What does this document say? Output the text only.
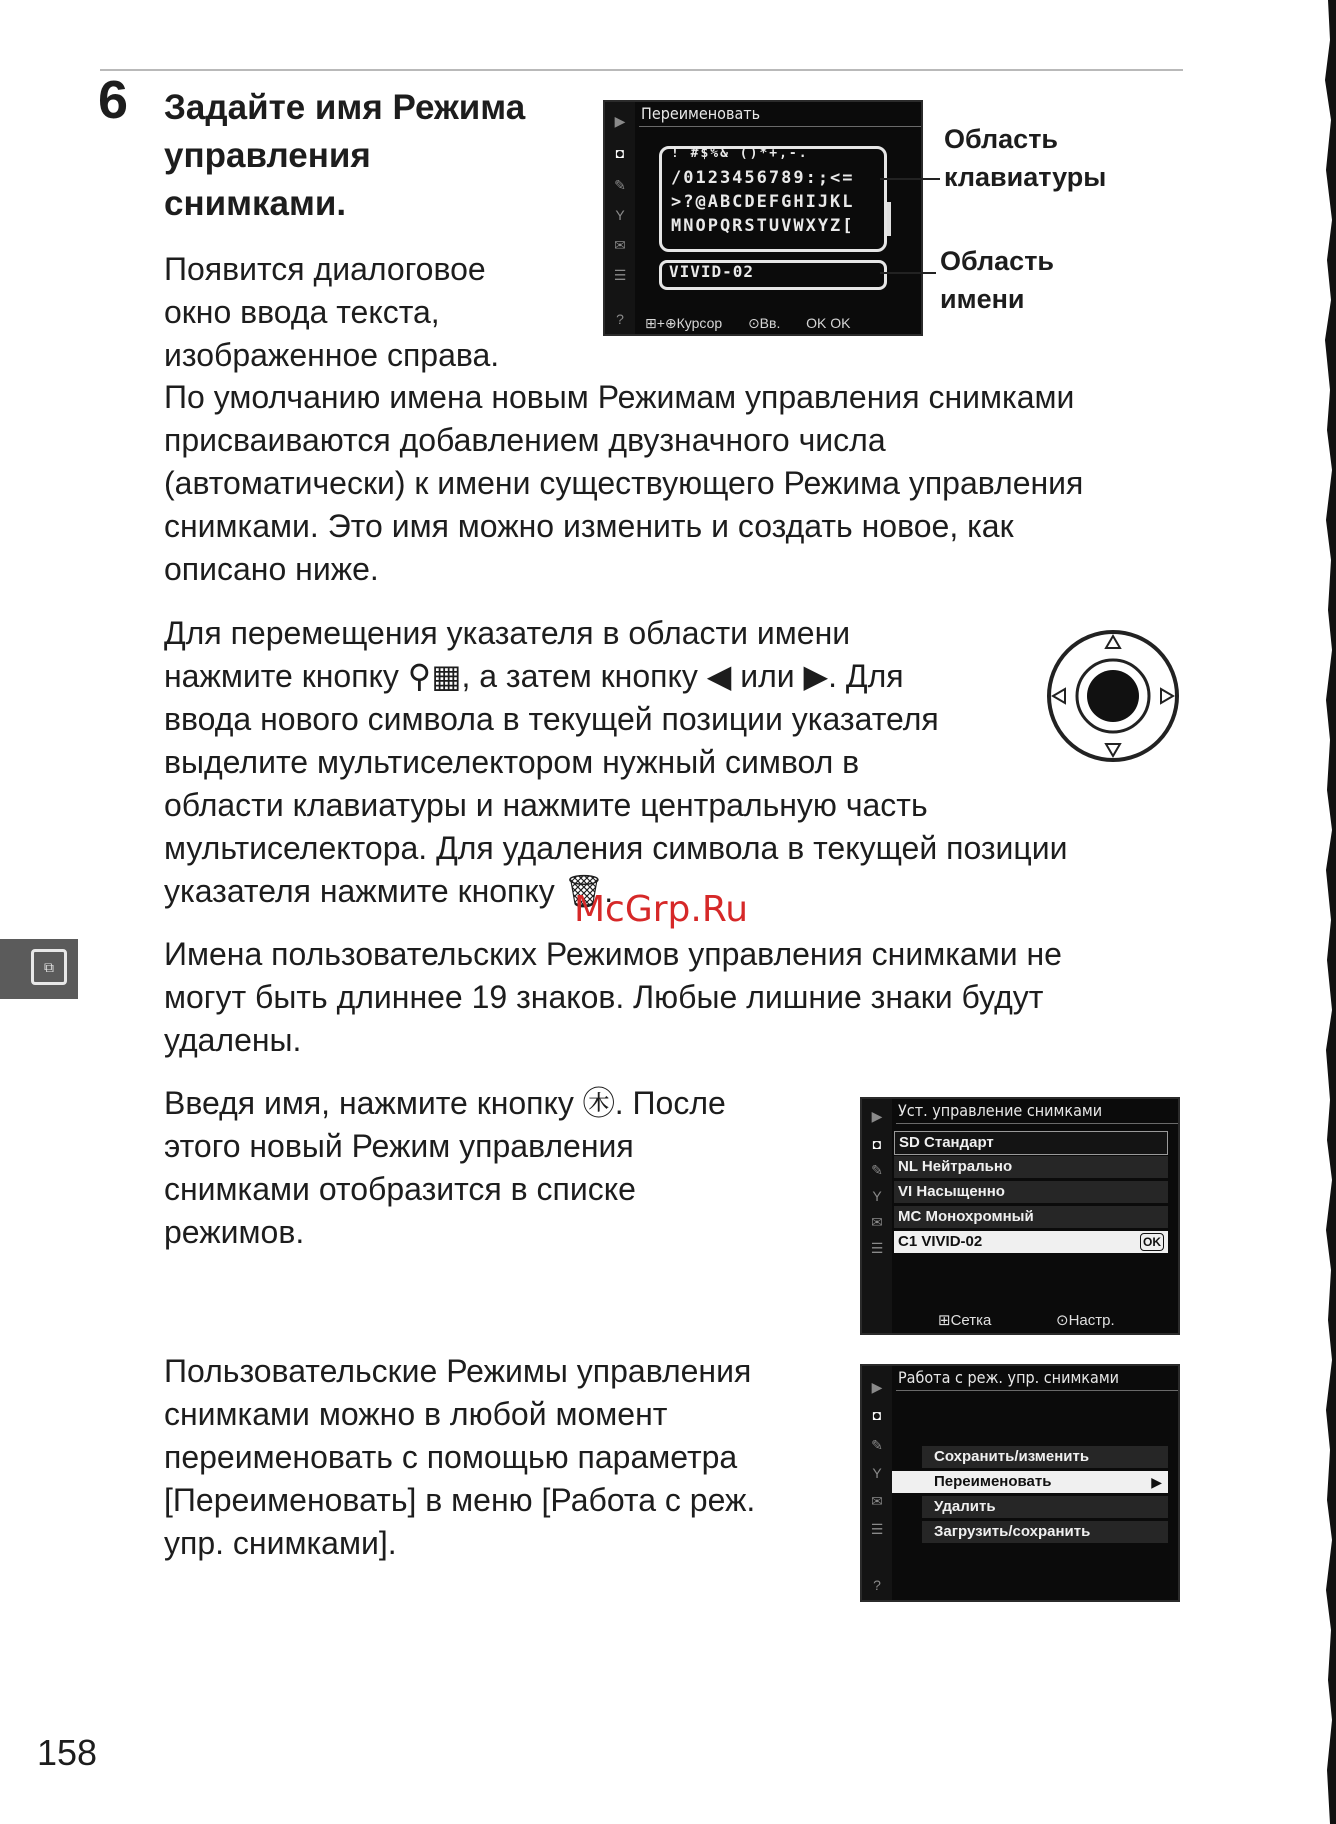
6 Задайте имя Режима
управления
снимками.
▶
◘
✎
Y
✉
☰
?
Переименовать
! #$%& ()*+,-.
/0123456789:;<=
>?@ABCDEFGHIJKL
MNOPQRSTUVWXYZ[
VIVID-02
⊞+⊕Курсор ⊙Вв. OK OK
Область
клавиатуры
Область
имени
Появится диалоговое
окно ввода текста,
изображенное справа.
По умолчанию имена новым Режимам управления снимками
присваиваются добавлением двузначного числа
(автоматически) к имени существующего Режима управления
снимками. Это имя можно изменить и создать новое, как
описано ниже.
Для перемещения указателя в области имени
нажмите кнопку ⚲▦, а затем кнопку ◀ или ▶. Для
ввода нового символа в текущей позиции указателя
выделите мультиселектором нужный символ в
области клавиатуры и нажмите центральную часть
мультиселектора. Для удаления символа в текущей позиции
указателя нажмите кнопку 🗑.
⧉
McGrp.Ru
Имена пользовательских Режимов управления снимками не
могут быть длиннее 19 знаков. Любые лишние знаки будут
удалены.
Введя имя, нажмите кнопку ㊍. После
этого новый Режим управления
снимками отобразится в списке
режимов.
▶
◘
✎
Y
✉
☰
Уст. управление снимками
SD Стандарт
NL Нейтрально
VI Насыщенно
MC Монохромный
C1 VIVID-02	OK
⊞Сетка	⊙Настр.
Пользовательские Режимы управления
снимками можно в любой момент
переименовать с помощью параметра
[Переименовать] в меню [Работа с реж.
упр. снимками].
▶
◘
✎
Y
✉
☰
?
Работа с реж. упр. снимками
Сохранить/изменить
Переименовать	▶
Удалить
Загрузить/сохранить
158
